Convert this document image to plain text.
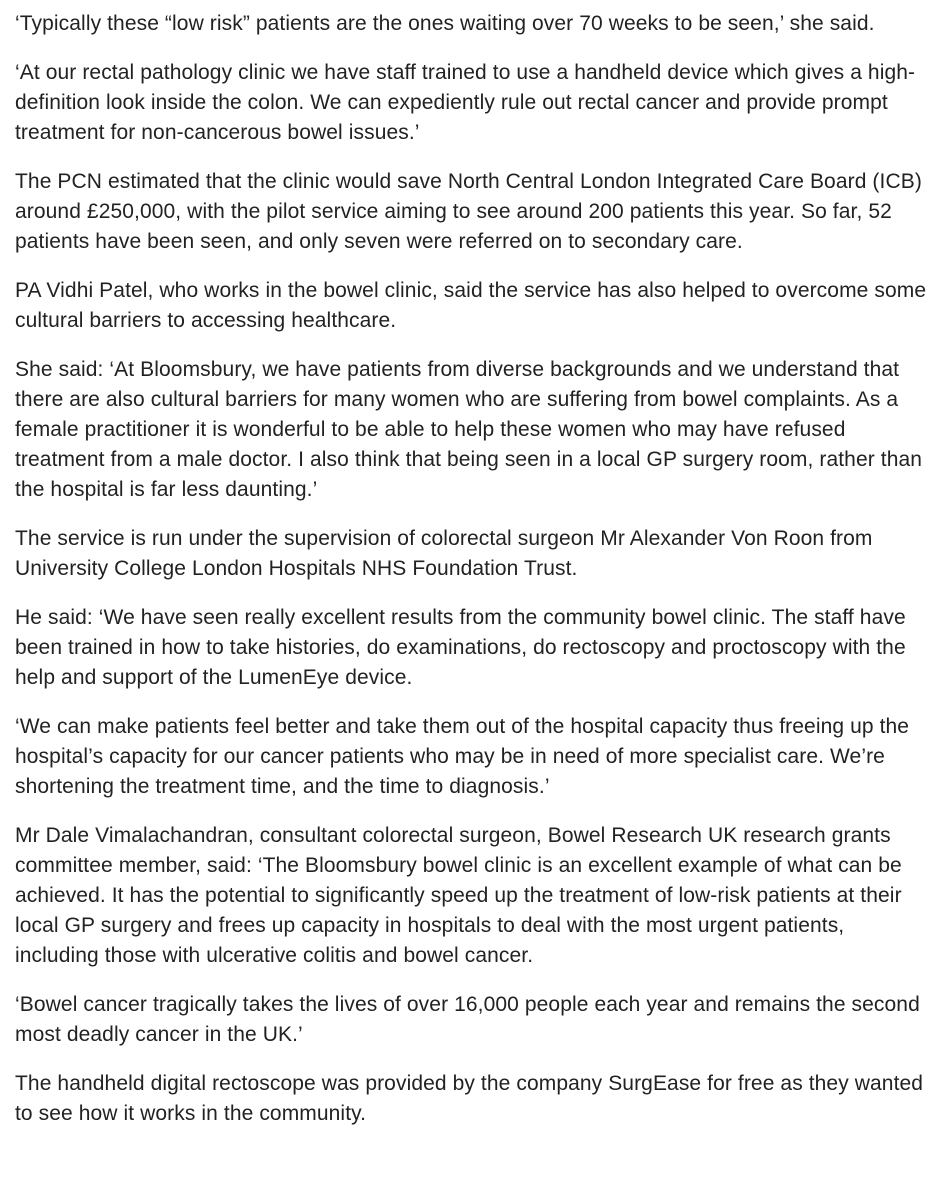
‘Typically these “low risk” patients are the ones waiting over 70 weeks to be seen,’ she said.

‘At our rectal pathology clinic we have staff trained to use a handheld device which gives a high-definition look inside the colon. We can expediently rule out rectal cancer and provide prompt treatment for non-cancerous bowel issues.’

The PCN estimated that the clinic would save North Central London Integrated Care Board (ICB) around £250,000, with the pilot service aiming to see around 200 patients this year. So far, 52 patients have been seen, and only seven were referred on to secondary care.

PA Vidhi Patel, who works in the bowel clinic, said the service has also helped to overcome some cultural barriers to accessing healthcare.

She said: ‘At Bloomsbury, we have patients from diverse backgrounds and we understand that there are also cultural barriers for many women who are suffering from bowel complaints. As a female practitioner it is wonderful to be able to help these women who may have refused treatment from a male doctor. I also think that being seen in a local GP surgery room, rather than the hospital is far less daunting.’

The service is run under the supervision of colorectal surgeon Mr Alexander Von Roon from University College London Hospitals NHS Foundation Trust.

He said: ‘We have seen really excellent results from the community bowel clinic. The staff have been trained in how to take histories, do examinations, do rectoscopy and proctoscopy with the help and support of the LumenEye device.

‘We can make patients feel better and take them out of the hospital capacity thus freeing up the hospital’s capacity for our cancer patients who may be in need of more specialist care. We’re shortening the treatment time, and the time to diagnosis.’

Mr Dale Vimalachandran, consultant colorectal surgeon, Bowel Research UK research grants committee member, said: ‘The Bloomsbury bowel clinic is an excellent example of what can be achieved. It has the potential to significantly speed up the treatment of low-risk patients at their local GP surgery and frees up capacity in hospitals to deal with the most urgent patients, including those with ulcerative colitis and bowel cancer.

‘Bowel cancer tragically takes the lives of over 16,000 people each year and remains the second most deadly cancer in the UK.’

The handheld digital rectoscope was provided by the company SurgEase for free as they wanted to see how it works in the community.
